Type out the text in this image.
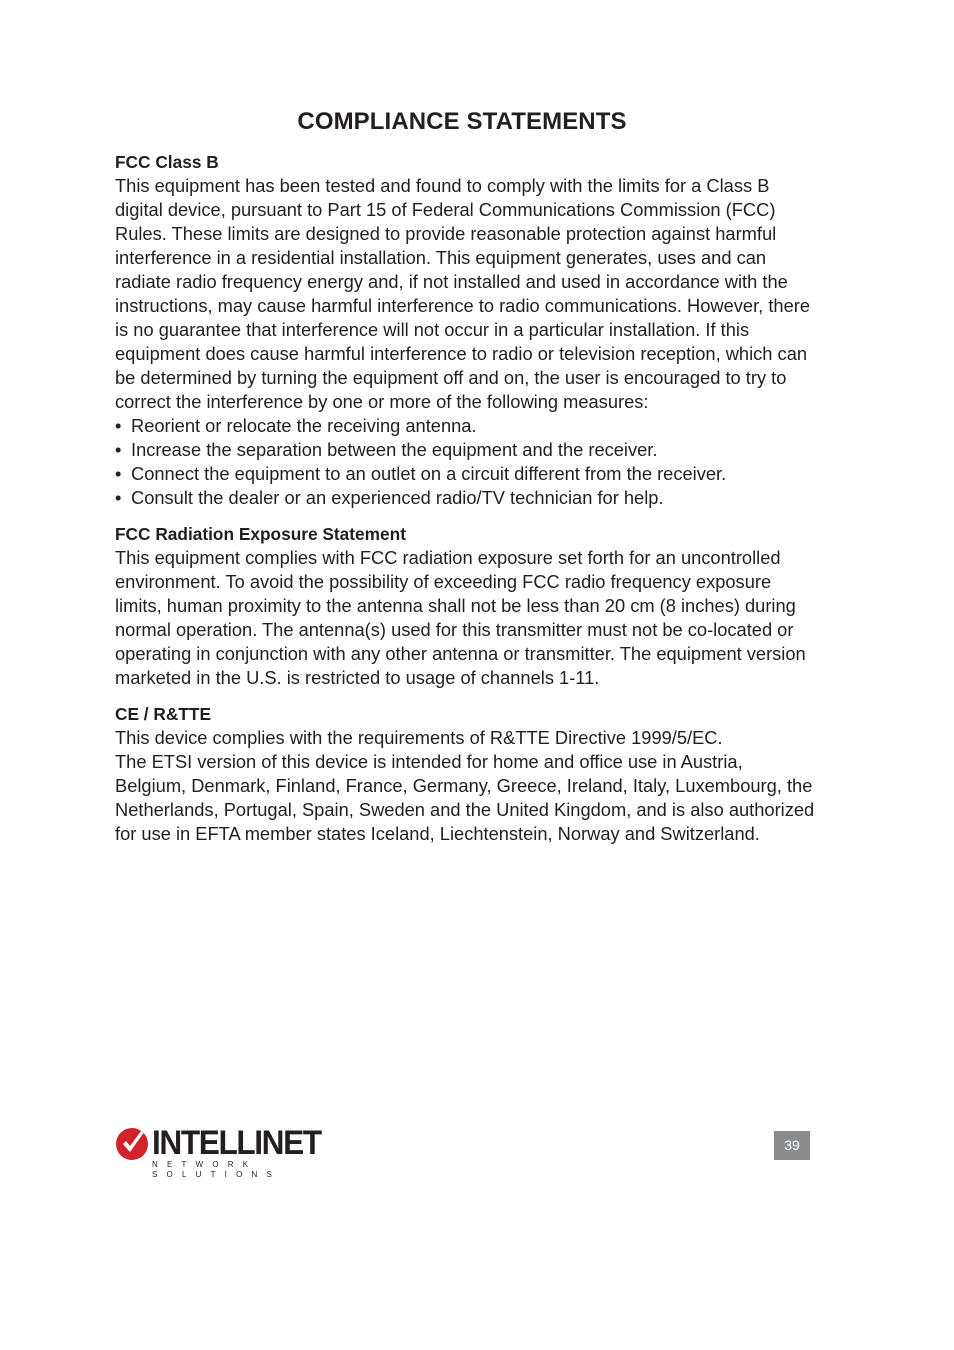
COMPLIANCE STATEMENTS

FCC Class B

This equipment has been tested and found to comply with the limits for a Class B digital device, pursuant to Part 15 of Federal Communications Commission (FCC) Rules. These limits are designed to provide reasonable protection against harmful interference in a residential installation. This equipment generates, uses and can radiate radio frequency energy and, if not installed and used in accordance with the instructions, may cause harmful interference to radio communications. However, there is no guarantee that interference will not occur in a particular installation. If this equipment does cause harmful interference to radio or television reception, which can be determined by turning the equipment off and on, the user is encouraged to try to correct the interference by one or more of the following measures:

• Reorient or relocate the receiving antenna.
• Increase the separation between the equipment and the receiver.
• Connect the equipment to an outlet on a circuit different from the receiver.
• Consult the dealer or an experienced radio/TV technician for help.

FCC Radiation Exposure Statement

This equipment complies with FCC radiation exposure set forth for an uncontrolled environment. To avoid the possibility of exceeding FCC radio frequency exposure limits, human proximity to the antenna shall not be less than 20 cm (8 inches) during normal operation. The antenna(s) used for this transmitter must not be co-located or operating in conjunction with any other antenna or transmitter. The equipment version marketed in the U.S. is restricted to usage of channels 1-11.

CE / R&TTE

This device complies with the requirements of R&TTE Directive 1999/5/EC.

The ETSI version of this device is intended for home and office use in Austria, Belgium, Denmark, Finland, France, Germany, Greece, Ireland, Italy, Luxembourg, the Netherlands, Portugal, Spain, Sweden and the United Kingdom, and is also authorized for use in EFTA member states Iceland, Liechtenstein, Norway and Switzerland.

INTELLINET
NETWORK SOLUTIONS
39
